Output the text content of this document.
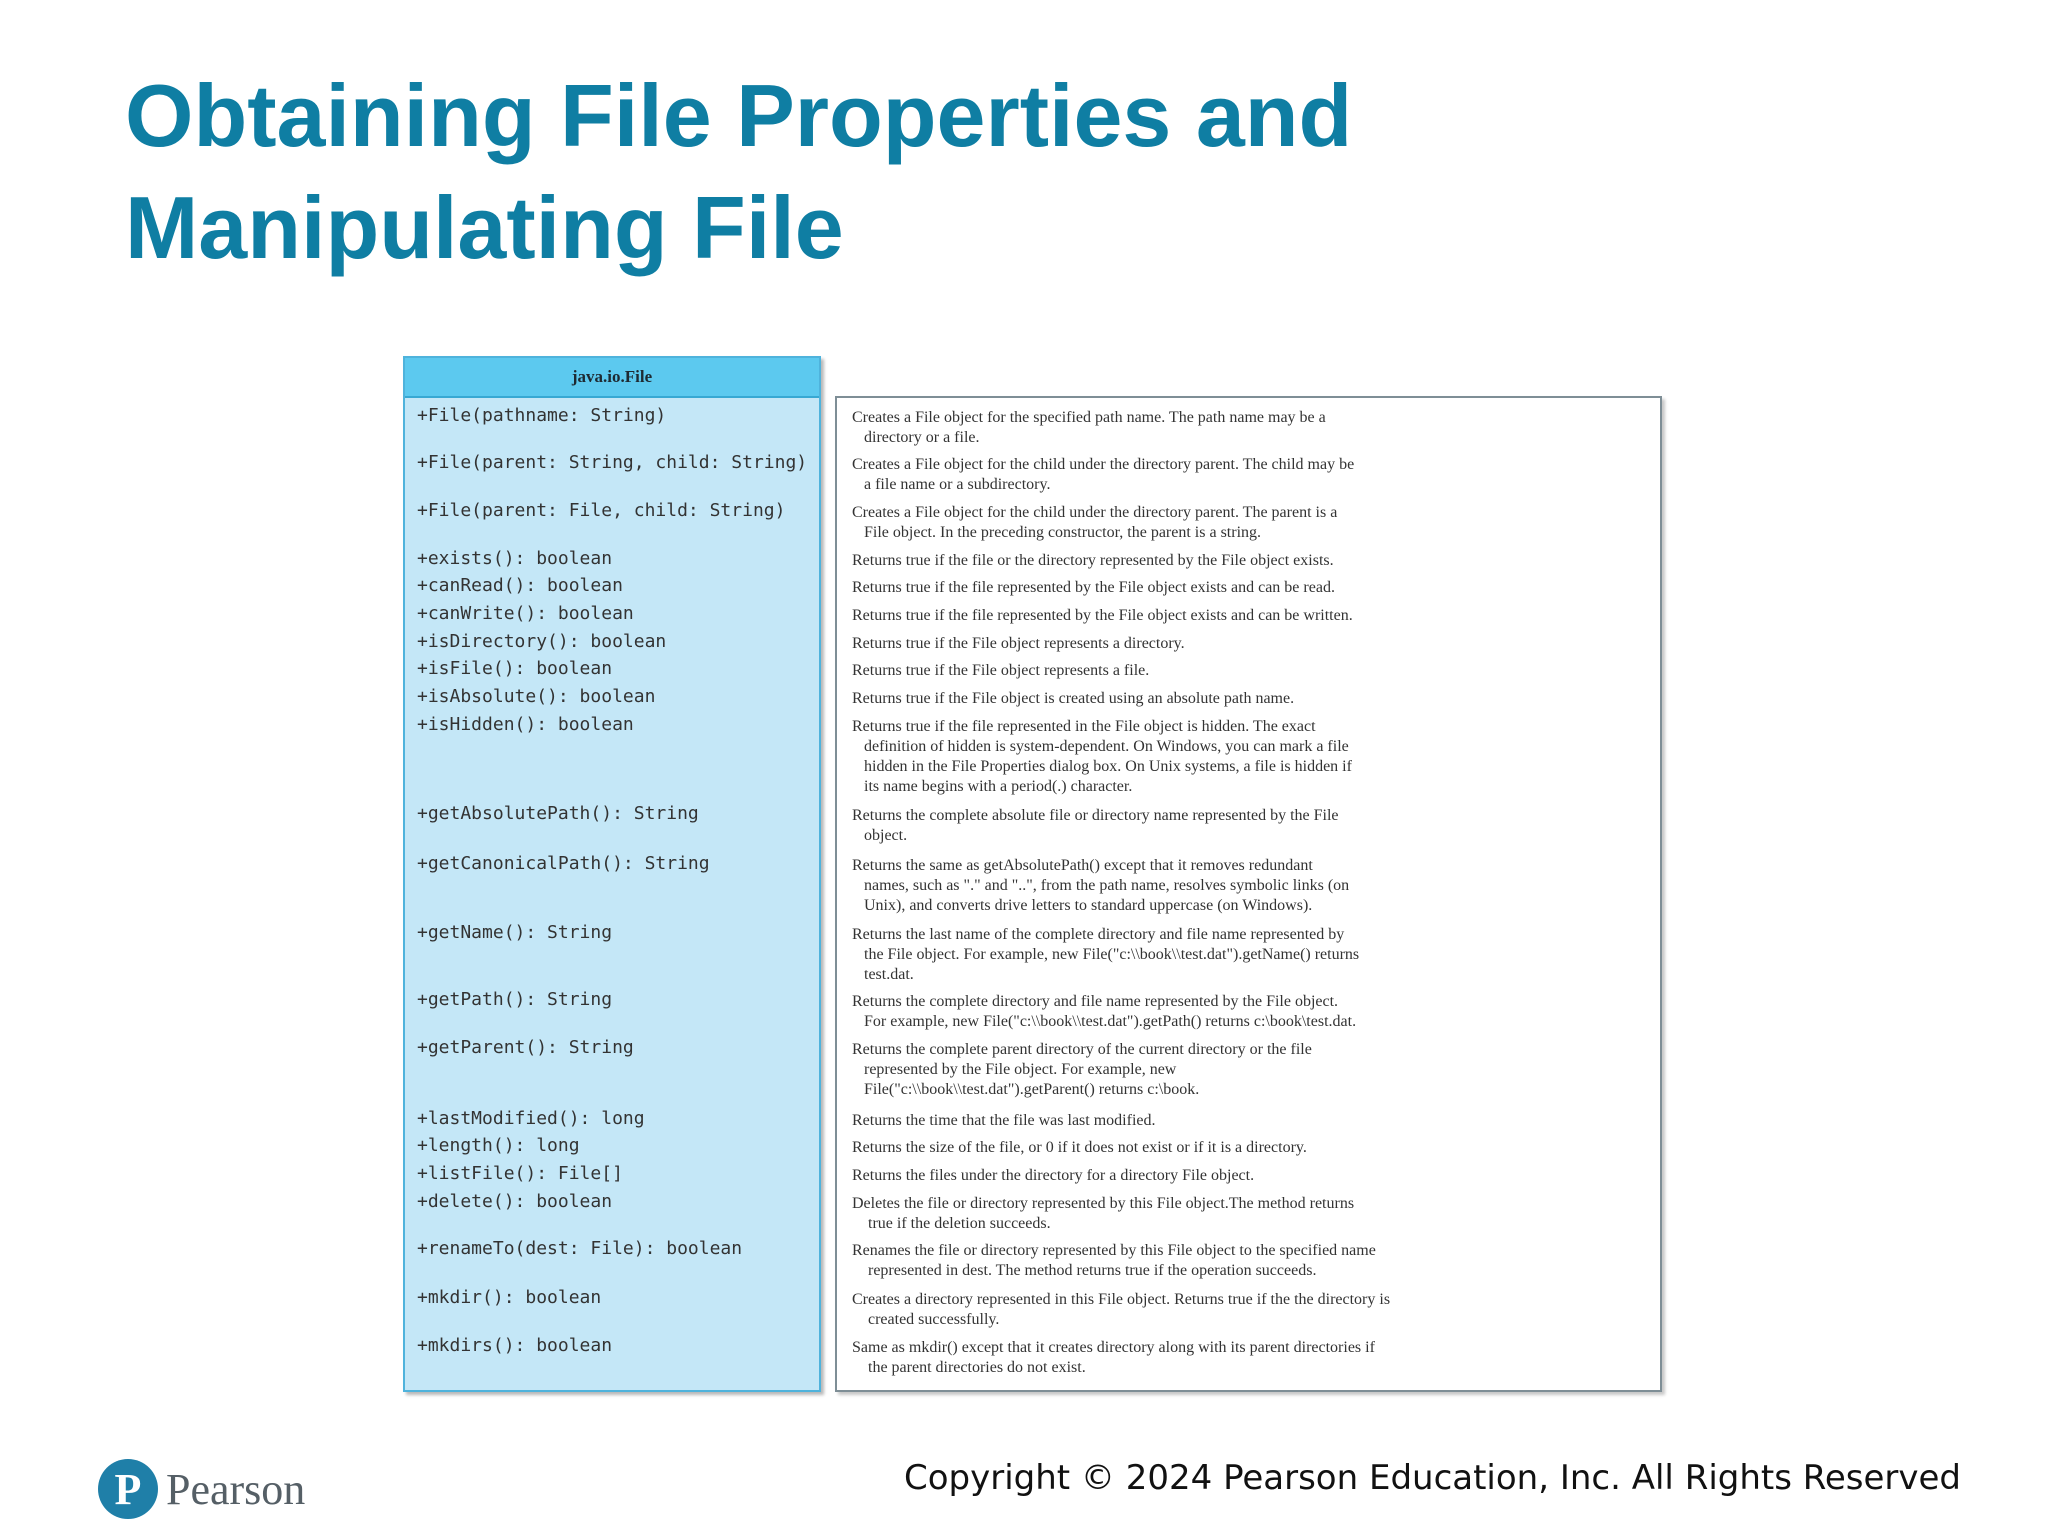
Obtaining File Properties and
Manipulating File
java.io.File
+File(pathname: String)
+File(parent: String, child: String)
+File(parent: File, child: String)
+exists(): boolean
+canRead(): boolean
+canWrite(): boolean
+isDirectory(): boolean
+isFile(): boolean
+isAbsolute(): boolean
+isHidden(): boolean
+getAbsolutePath(): String
+getCanonicalPath(): String
+getName(): String
+getPath(): String
+getParent(): String
+lastModified(): long
+length(): long
+listFile(): File[]
+delete(): boolean
+renameTo(dest: File): boolean
+mkdir(): boolean
+mkdirs(): boolean
Creates a File object for the specified path name. The path name may be a
directory or a file.
Creates a File object for the child under the directory parent. The child may be
a file name or a subdirectory.
Creates a File object for the child under the directory parent. The parent is a
File object. In the preceding constructor, the parent is a string.
Returns true if the file or the directory represented by the File object exists.
Returns true if the file represented by the File object exists and can be read.
Returns true if the file represented by the File object exists and can be written.
Returns true if the File object represents a directory.
Returns true if the File object represents a file.
Returns true if the File object is created using an absolute path name.
Returns true if the file represented in the File object is hidden. The exact
definition of hidden is system-dependent. On Windows, you can mark a file
hidden in the File Properties dialog box. On Unix systems, a file is hidden if
its name begins with a period(.) character.
Returns the complete absolute file or directory name represented by the File
object.
Returns the same as getAbsolutePath() except that it removes redundant
names, such as "." and "..", from the path name, resolves symbolic links (on
Unix), and converts drive letters to standard uppercase (on Windows).
Returns the last name of the complete directory and file name represented by
the File object. For example, new File("c:\\book\\test.dat").getName() returns
test.dat.
Returns the complete directory and file name represented by the File object.
For example, new File("c:\\book\\test.dat").getPath() returns c:\book\test.dat.
Returns the complete parent directory of the current directory or the file
represented by the File object. For example, new
File("c:\\book\\test.dat").getParent() returns c:\book.
Returns the time that the file was last modified.
Returns the size of the file, or 0 if it does not exist or if it is a directory.
Returns the files under the directory for a directory File object.
Deletes the file or directory represented by this File object.The method returns
true if the deletion succeeds.
Renames the file or directory represented by this File object to the specified name
represented in dest. The method returns true if the operation succeeds.
Creates a directory represented in this File object. Returns true if the the directory is
created successfully.
Same as mkdir() except that it creates directory along with its parent directories if
the parent directories do not exist.
P Pearson	Copyright © 2024 Pearson Education, Inc. All Rights Reserved
